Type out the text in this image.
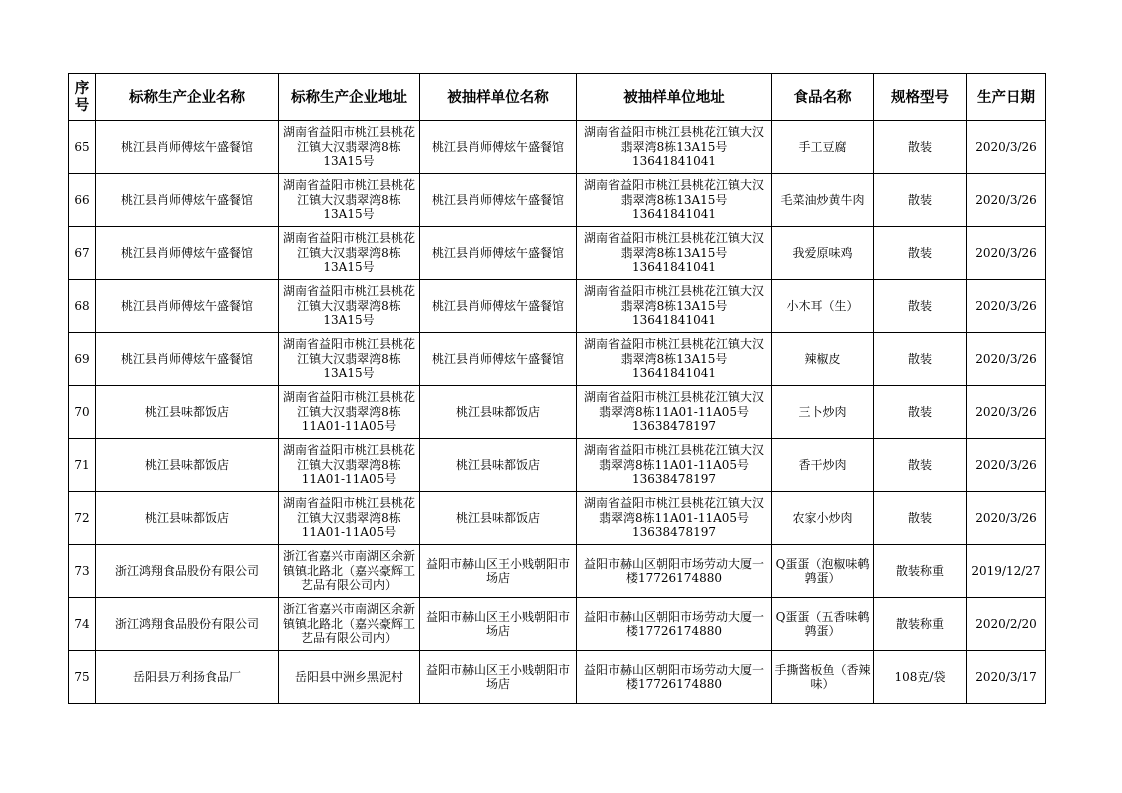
序号	标称生产企业名称	标称生产企业地址	被抽样单位名称	被抽样单位地址	食品名称	规格型号	生产日期
65	桃江县肖师傅炫午盛餐馆	湖南省益阳市桃江县桃花江镇大汉翡翠湾8栋13A15号	桃江县肖师傅炫午盛餐馆	湖南省益阳市桃江县桃花江镇大汉翡翠湾8栋13A15号13641841041	手工豆腐	散装	2020/3/26
66	桃江县肖师傅炫午盛餐馆	湖南省益阳市桃江县桃花江镇大汉翡翠湾8栋13A15号	桃江县肖师傅炫午盛餐馆	湖南省益阳市桃江县桃花江镇大汉翡翠湾8栋13A15号13641841041	毛菜油炒黄牛肉	散装	2020/3/26
67	桃江县肖师傅炫午盛餐馆	湖南省益阳市桃江县桃花江镇大汉翡翠湾8栋13A15号	桃江县肖师傅炫午盛餐馆	湖南省益阳市桃江县桃花江镇大汉翡翠湾8栋13A15号13641841041	我爱原味鸡	散装	2020/3/26
68	桃江县肖师傅炫午盛餐馆	湖南省益阳市桃江县桃花江镇大汉翡翠湾8栋13A15号	桃江县肖师傅炫午盛餐馆	湖南省益阳市桃江县桃花江镇大汉翡翠湾8栋13A15号13641841041	小木耳（生）	散装	2020/3/26
69	桃江县肖师傅炫午盛餐馆	湖南省益阳市桃江县桃花江镇大汉翡翠湾8栋13A15号	桃江县肖师傅炫午盛餐馆	湖南省益阳市桃江县桃花江镇大汉翡翠湾8栋13A15号13641841041	辣椒皮	散装	2020/3/26
70	桃江县味都饭店	湖南省益阳市桃江县桃花江镇大汉翡翠湾8栋11A01-11A05号	桃江县味都饭店	湖南省益阳市桃江县桃花江镇大汉翡翠湾8栋11A01-11A05号13638478197	三卜炒肉	散装	2020/3/26
71	桃江县味都饭店	湖南省益阳市桃江县桃花江镇大汉翡翠湾8栋11A01-11A05号	桃江县味都饭店	湖南省益阳市桃江县桃花江镇大汉翡翠湾8栋11A01-11A05号13638478197	香干炒肉	散装	2020/3/26
72	桃江县味都饭店	湖南省益阳市桃江县桃花江镇大汉翡翠湾8栋11A01-11A05号	桃江县味都饭店	湖南省益阳市桃江县桃花江镇大汉翡翠湾8栋11A01-11A05号13638478197	农家小炒肉	散装	2020/3/26
73	浙江鸿翔食品股份有限公司	浙江省嘉兴市南湖区余新镇镇北路北（嘉兴豪辉工艺品有限公司内）	益阳市赫山区王小贱朝阳市场店	益阳市赫山区朝阳市场劳动大厦一楼17726174880	Q蛋蛋（泡椒味鹌鹑蛋）	散装称重	2019/12/27
74	浙江鸿翔食品股份有限公司	浙江省嘉兴市南湖区余新镇镇北路北（嘉兴豪辉工艺品有限公司内）	益阳市赫山区王小贱朝阳市场店	益阳市赫山区朝阳市场劳动大厦一楼17726174880	Q蛋蛋（五香味鹌鹑蛋）	散装称重	2020/2/20
75	岳阳县万利扬食品厂	岳阳县中洲乡黑泥村	益阳市赫山区王小贱朝阳市场店	益阳市赫山区朝阳市场劳动大厦一楼17726174880	手撕酱板鱼（香辣味）	108克/袋	2020/3/17
